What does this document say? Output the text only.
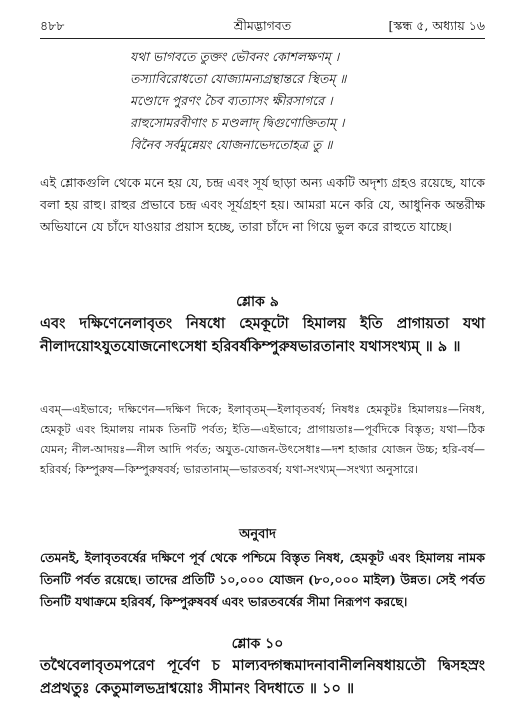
৪৮৮	শ্রীমদ্ভাগবত	[স্কন্ধ ৫, অধ্যায় ১৬
যথা ভাগবতে তুক্তং ভৌবনং কোশলক্ষণম্ ।
তস্যাবিরোধতো যোজ্যামন্যগ্রন্থান্তরে স্থিতম্ ॥
মণ্ডোদে পুরণং চৈব ব্যত্যাসং ক্ষীরসাগরে ।
রাহুসোমরবীণাং চ মণ্ডলাদ্ দ্বিগুণোক্তিতাম্ ।
বিনৈব সর্বমুন্নেয়ং যোজনাভেদতোহত্র তু ॥
এই শ্লোকগুলি থেকে মনে হয় যে, চন্দ্র এবং সূর্য ছাড়া অন্য একটি অদৃশ্য গ্রহও রয়েছে, যাকে বলা হয় রাহু। রাহুর প্রভাবে চন্দ্র এবং সূর্যগ্রহণ হয়। আমরা মনে করি যে, আধুনিক অন্তরীক্ষ অভিযানে যে চাঁদে যাওয়ার প্রয়াস হচ্ছে, তারা চাঁদে না গিয়ে ভুল করে রাহুতে যাচ্ছে।
শ্লোক ৯
এবং দক্ষিণেনেলাবৃতং নিষধো হেমকূটো হিমালয় ইতি প্রাগায়তা যথা নীলাদয়োঽযুতযোজনোৎসেধা হরিবর্ষকিম্পুরুষভারতানাং যথাসংখ্যম্ ॥ ৯ ॥
এবম্—এইভাবে; দক্ষিণেন—দক্ষিণ দিকে; ইলাবৃতম্—ইলাবৃতবর্ষ; নিষধঃ হেমকূটঃ হিমালয়ঃ—নিষধ, হেমকূট এবং হিমালয় নামক তিনটি পর্বত; ইতি—এইভাবে; প্রাগায়তাঃ—পূর্বদিকে বিস্তৃত; যথা—ঠিক যেমন; নীল-আদয়ঃ—নীল আদি পর্বত; অযুত-যোজন-উৎসেধাঃ—দশ হাজার যোজন উচ্চ; হরি-বর্ষ—হরিবর্ষ; কিম্পুরুষ—কিম্পুরুষবর্ষ; ভারতানাম্—ভারতবর্ষ; যথা-সংখ্যম্—সংখ্যা অনুসারে।
অনুবাদ
তেমনই, ইলাবৃতবর্ষের দক্ষিণে পূর্ব থেকে পশ্চিমে বিস্তৃত নিষধ, হেমকূট এবং হিমালয় নামক তিনটি পর্বত রয়েছে। তাদের প্রতিটি ১০,০০০ যোজন (৮০,০০০ মাইল) উন্নত। সেই পর্বত তিনটি যথাক্রমে হরিবর্ষ, কিম্পুরুষবর্ষ এবং ভারতবর্ষের সীমা নিরূপণ করছে।
শ্লোক ১০
তথৈবেলাবৃতমপরেণ পূর্বেণ চ মাল্যবদ্গন্ধমাদনাবানীলনিষধায়তৌ দ্বিসহস্রং প্রপ্রথতুঃ কেতুমালভদ্রাশ্বয়োঃ সীমানং বিদধাতে ॥ ১০ ॥
